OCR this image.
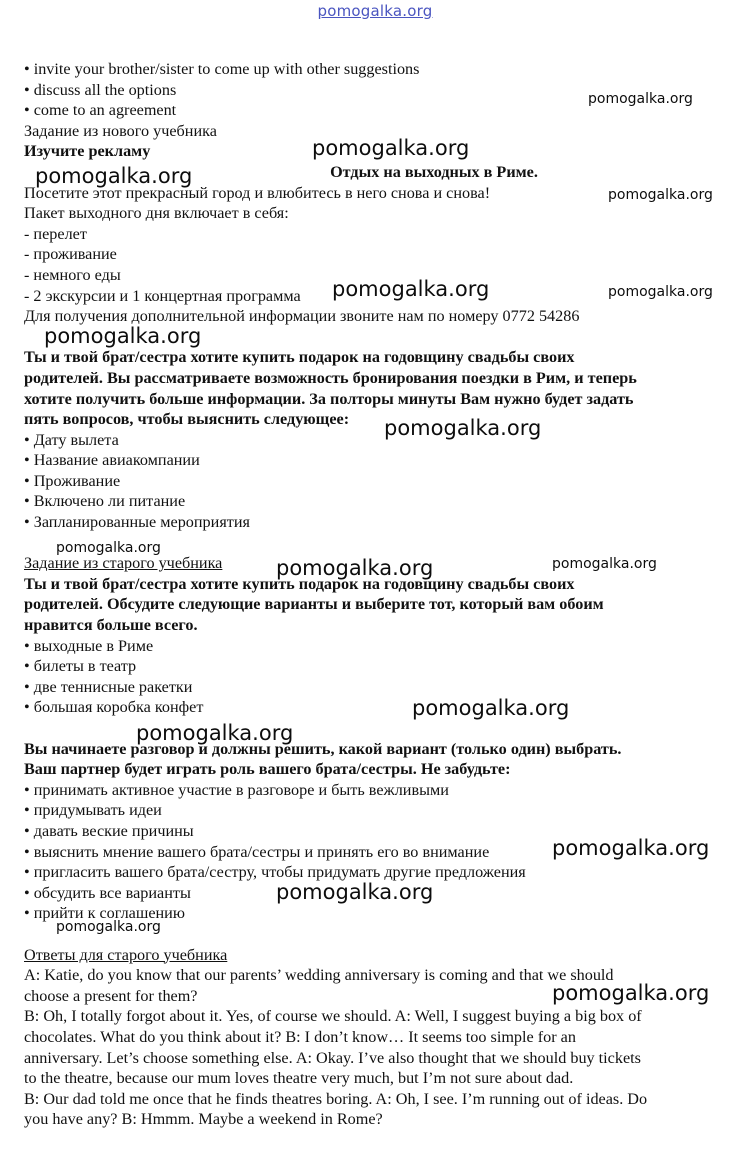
pomogalka.org
• invite your brother/sister to come up with other suggestions
• discuss all the options
• come to an agreement
Задание из нового учебника
Изучите рекламу
Отдых на выходных в Риме.
Посетите этот прекрасный город и влюбитесь в него снова и снова!
Пакет выходного дня включает в себя:
- перелет
- проживание
- немного еды
- 2 экскурсии и 1 концертная программа
Для получения дополнительной информации звоните нам по номеру 0772 54286
Ты и твой брат/сестра хотите купить подарок на годовщину свадьбы своих
родителей. Вы рассматриваете возможность бронирования поездки в Рим, и теперь
хотите получить больше информации. За полторы минуты Вам нужно будет задать
пять вопросов, чтобы выяснить следующее:
• Дату вылета
• Название авиакомпании
• Проживание
• Включено ли питание
• Запланированные мероприятия
Задание из старого учебника
Ты и твой брат/сестра хотите купить подарок на годовщину свадьбы своих
родителей. Обсудите следующие варианты и выберите тот, который вам обоим
нравится больше всего.
• выходные в Риме
• билеты в театр
• две теннисные ракетки
• большая коробка конфет
Вы начинаете разговор и должны решить, какой вариант (только один) выбрать.
Ваш партнер будет играть роль вашего брата/сестры. Не забудьте:
• принимать активное участие в разговоре и быть вежливыми
• придумывать идеи
• давать веские причины
• выяснить мнение вашего брата/сестры и принять его во внимание
• пригласить вашего брата/сестру, чтобы придумать другие предложения
• обсудить все варианты
• прийти к соглашению
Ответы для старого учебника
A: Katie, do you know that our parents’ wedding anniversary is coming and that we should
choose a present for them?
B: Oh, I totally forgot about it. Yes, of course we should. A: Well, I suggest buying a big box of
chocolates. What do you think about it? B: I don’t know… It seems too simple for an
anniversary. Let’s choose something else. A: Okay. I’ve also thought that we should buy tickets
to the theatre, because our mum loves theatre very much, but I’m not sure about dad.
B: Our dad told me once that he finds theatres boring. A: Oh, I see. I’m running out of ideas. Do
you have any? B: Hmmm. Maybe a weekend in Rome?
pomogalka.org
pomogalka.org
pomogalka.org
pomogalka.org
pomogalka.org	pomogalka.org
pomogalka.org
pomogalka.org
pomogalka.org
pomogalka.org	pomogalka.org
pomogalka.org
pomogalka.org
pomogalka.org
pomogalka.org
pomogalka.org
pomogalka.org
